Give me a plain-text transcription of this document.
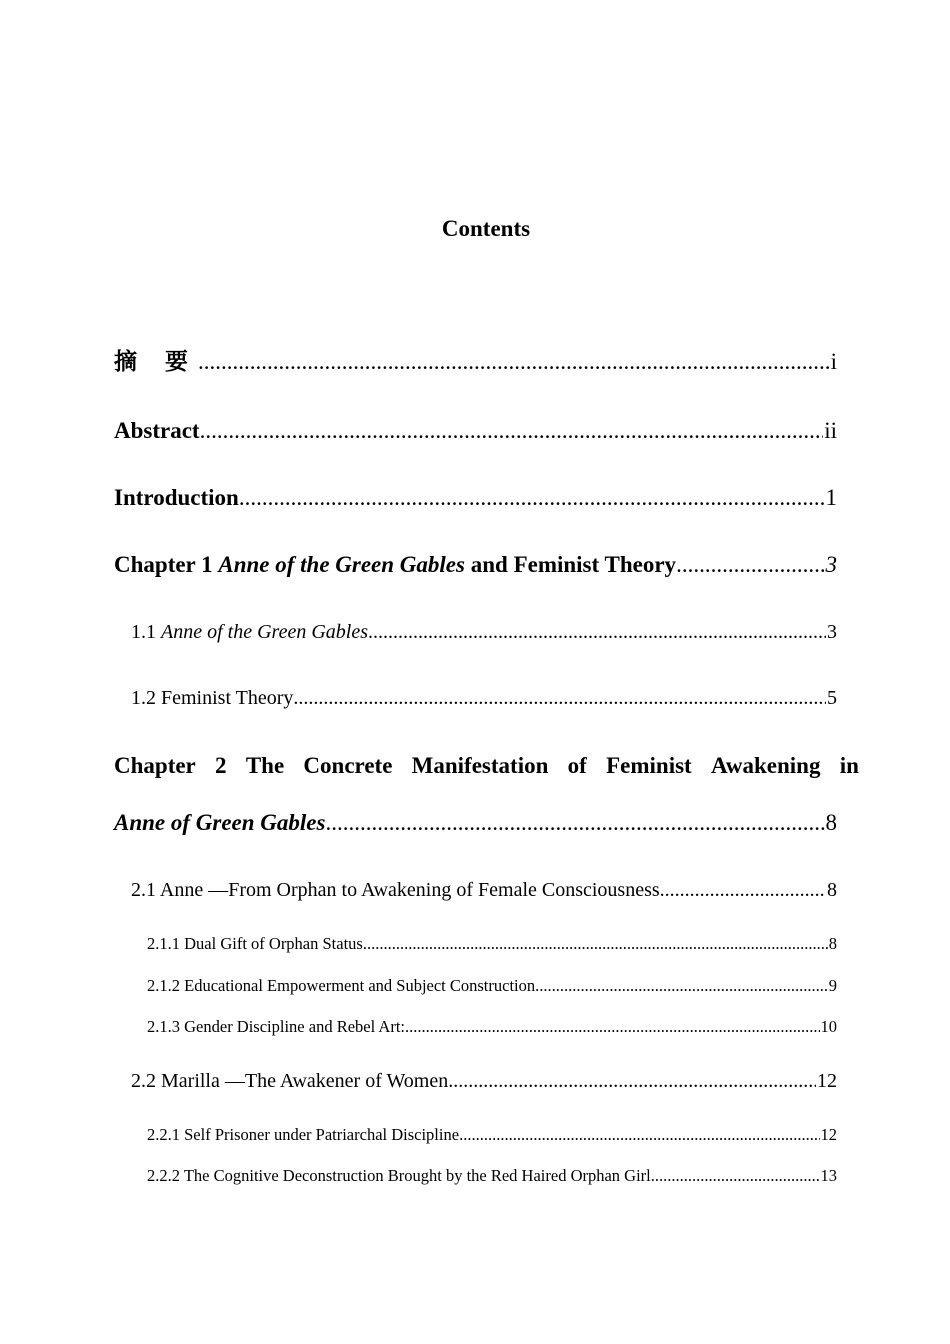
Contents
摘 要 .....	i
Abstract .....	ii
Introduction .....	1
Chapter 1 Anne of the Green Gables and Feminist Theory .....	3
1.1 Anne of the Green Gables .....	3
1.2 Feminist Theory .....	5
Chapter 2 The Concrete Manifestation of Feminist Awakening in
Anne of Green Gables .....	8
2.1 Anne —From Orphan to Awakening of Female Consciousness .....	8
2.1.1 Dual Gift of Orphan Status .....	8
2.1.2 Educational Empowerment and Subject Construction .....	9
2.1.3 Gender Discipline and Rebel Art: .....	10
2.2 Marilla —The Awakener of Women .....	12
2.2.1 Self Prisoner under Patriarchal Discipline .....	12
2.2.2 The Cognitive Deconstruction Brought by the Red Haired Orphan Girl .....	13
